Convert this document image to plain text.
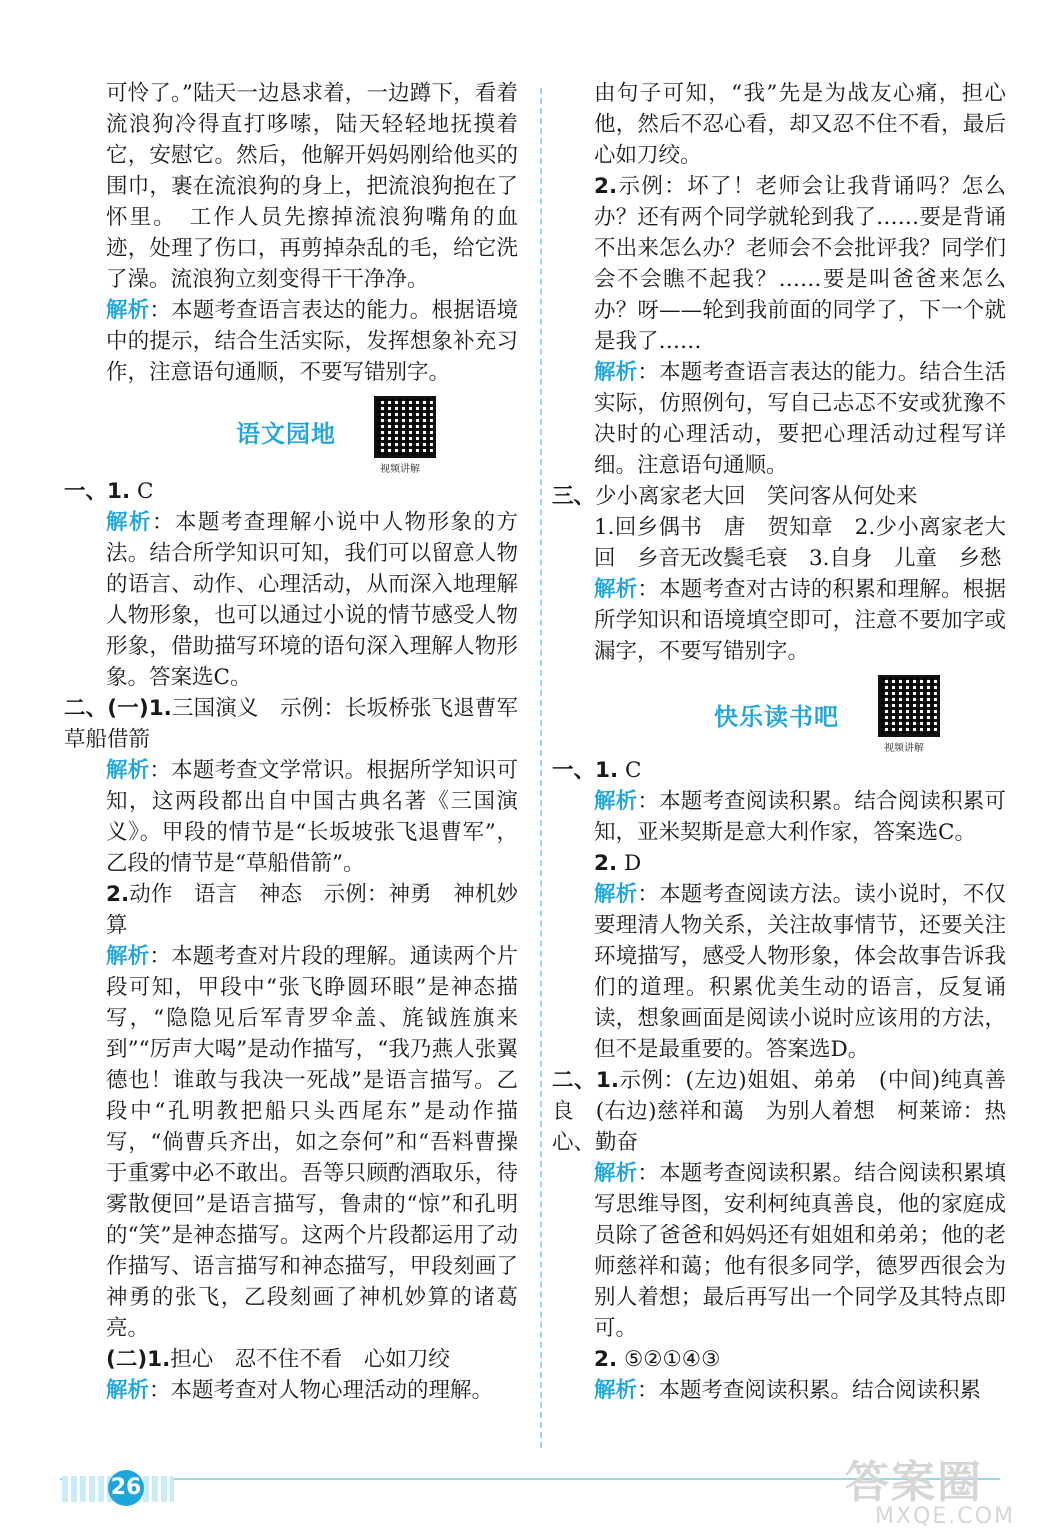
可怜了。”陆天一边恳求着，一边蹲下，看着流浪狗冷得直打哆嗦，陆天轻轻地抚摸着它，安慰它。然后，他解开妈妈刚给他买的围巾，裹在流浪狗的身上，把流浪狗抱在了怀里。　工作人员先擦掉流浪狗嘴角的血迹，处理了伤口，再剪掉杂乱的毛，给它洗了澡。流浪狗立刻变得干干净净。

解析：本题考查语言表达的能力。根据语境中的提示，结合生活实际，发挥想象补充习作，注意语句通顺，不要写错别字。

语文园地
视频讲解

一、1. C

解析：本题考查理解小说中人物形象的方法。结合所学知识可知，我们可以留意人物的语言、动作、心理活动，从而深入地理解人物形象，也可以通过小说的情节感受人物形象，借助描写环境的语句深入理解人物形象。答案选C。

二、(一)1.三国演义　示例：长坂桥张飞退曹军　草船借箭

解析：本题考查文学常识。根据所学知识可知，这两段都出自中国古典名著《三国演义》。甲段的情节是“长坂坡张飞退曹军”，乙段的情节是“草船借箭”。

2.动作　语言　神态　示例：神勇　神机妙算

解析：本题考查对片段的理解。通读两个片段可知，甲段中“张飞睁圆环眼”是神态描写，“隐隐见后军青罗伞盖、旄钺旌旗来到”“厉声大喝”是动作描写，“我乃燕人张翼德也！谁敢与我决一死战”是语言描写。乙段中“孔明教把船只头西尾东”是动作描写，“倘曹兵齐出，如之奈何”和“吾料曹操于重雾中必不敢出。吾等只顾酌酒取乐，待雾散便回”是语言描写，鲁肃的“惊”和孔明的“笑”是神态描写。这两个片段都运用了动作描写、语言描写和神态描写，甲段刻画了神勇的张飞，乙段刻画了神机妙算的诸葛亮。

(二)1.担心　忍不住不看　心如刀绞

解析：本题考查对人物心理活动的理解。

由句子可知，“我”先是为战友心痛，担心他，然后不忍心看，却又忍不住不看，最后心如刀绞。

2.示例：坏了！老师会让我背诵吗？怎么办？还有两个同学就轮到我了……要是背诵不出来怎么办？老师会不会批评我？同学们会不会瞧不起我？……要是叫爸爸来怎么办？呀——轮到我前面的同学了，下一个就是我了……

解析：本题考查语言表达的能力。结合生活实际，仿照例句，写自己忐忑不安或犹豫不决时的心理活动，要把心理活动过程写详细。注意语句通顺。

三、少小离家老大回　笑问客从何处来

1.回乡偶书　唐　贺知章　2.少小离家老大回　乡音无改鬓毛衰　3.自身　儿童　乡愁

解析：本题考查对古诗的积累和理解。根据所学知识和语境填空即可，注意不要加字或漏字，不要写错别字。

快乐读书吧
视频讲解

一、1. C

解析：本题考查阅读积累。结合阅读积累可知，亚米契斯是意大利作家，答案选C。

2. D

解析：本题考查阅读方法。读小说时，不仅要理清人物关系，关注故事情节，还要关注环境描写，感受人物形象，体会故事告诉我们的道理。积累优美生动的语言，反复诵读，想象画面是阅读小说时应该用的方法，但不是最重要的。答案选D。

二、1.示例：(左边)姐姐、弟弟　(中间)纯真善良　(右边)慈祥和蔼　为别人着想　柯莱谛：热心、勤奋

解析：本题考查阅读积累。结合阅读积累填写思维导图，安利柯纯真善良，他的家庭成员除了爸爸和妈妈还有姐姐和弟弟；他的老师慈祥和蔼；他有很多同学，德罗西很会为别人着想；最后再写出一个同学及其特点即可。

2. ⑤②①④③

解析：本题考查阅读积累。结合阅读积累

26	答案圈
MXQE.COM
